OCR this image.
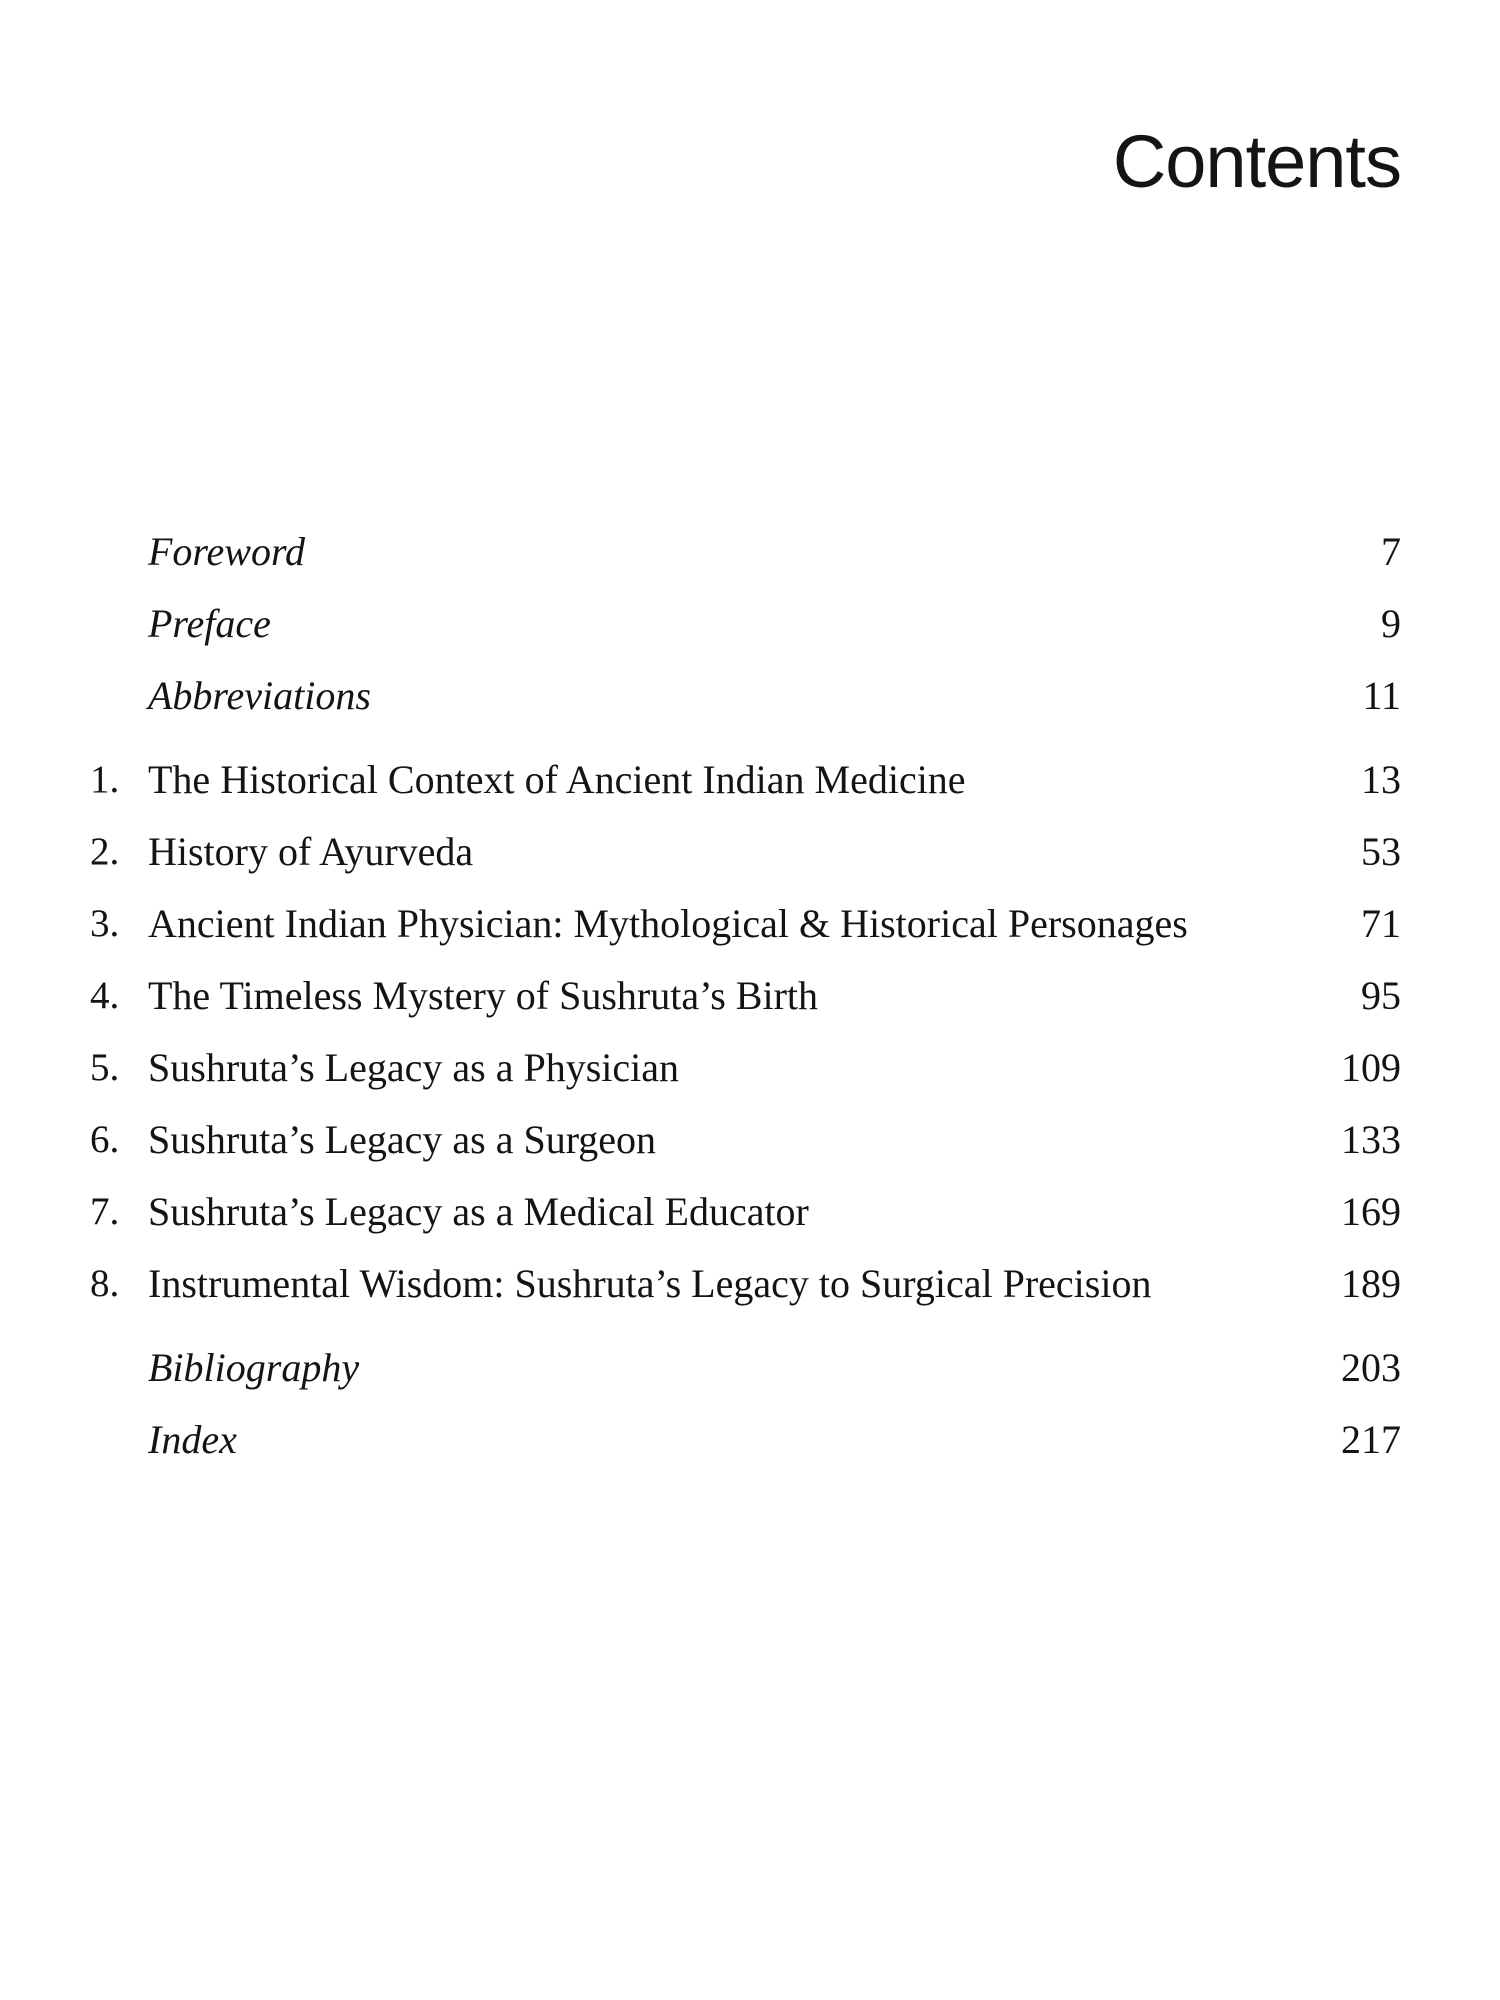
Contents
Foreword	7
Preface	9
Abbreviations	11
1. The Historical Context of Ancient Indian Medicine	13
2. History of Ayurveda	53
3. Ancient Indian Physician: Mythological & Historical Personages	71
4. The Timeless Mystery of Sushruta’s Birth	95
5. Sushruta’s Legacy as a Physician	109
6. Sushruta’s Legacy as a Surgeon	133
7. Sushruta’s Legacy as a Medical Educator	169
8. Instrumental Wisdom: Sushruta’s Legacy to Surgical Precision	189
Bibliography	203
Index	217
